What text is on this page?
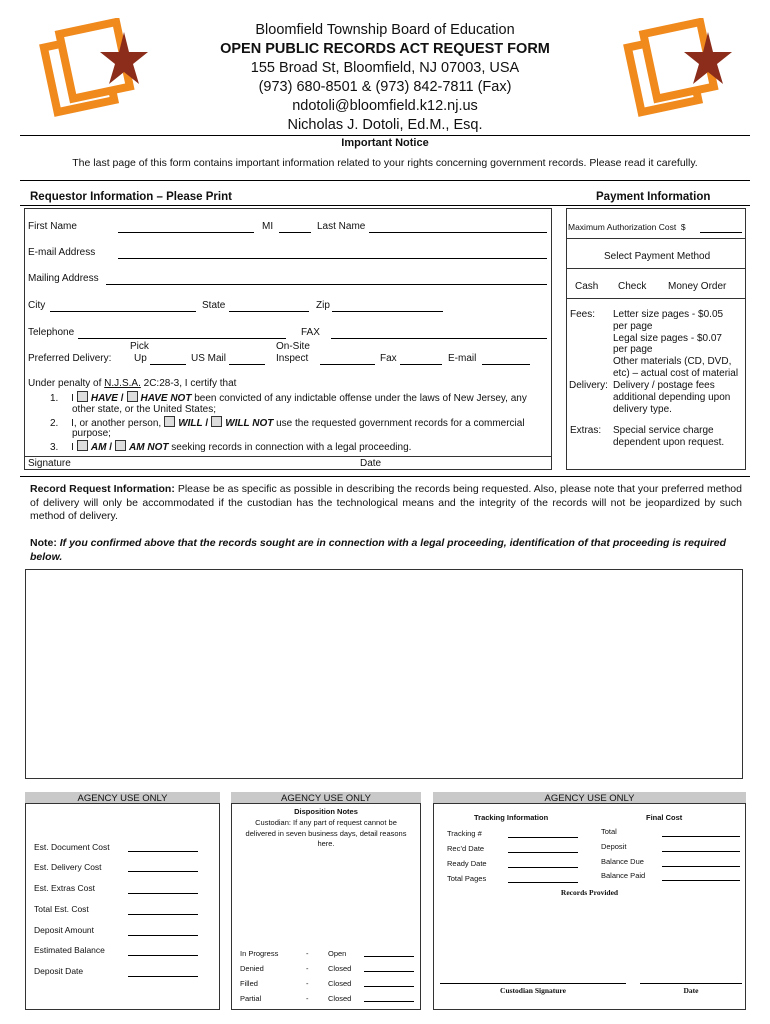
Bloomfield Township Board of Education
OPEN PUBLIC RECORDS ACT REQUEST FORM
155 Broad St, Bloomfield, NJ 07003, USA
(973) 680-8501 & (973) 842-7811 (Fax)
ndotoli@bloomfield.k12.nj.us
Nicholas J. Dotoli, Ed.M., Esq.
Important Notice
The last page of this form contains important information related to your rights concerning government records. Please read it carefully.
Requestor Information – Please Print	Payment Information
First Name	MI	Last Name
E-mail Address
Mailing Address
City	State	Zip
Telephone	FAX
Preferred Delivery:
Pick
Up	US Mail
On-Site
Inspect	Fax	E-mail
Under penalty of N.J.S.A. 2C:28-3, I certify that
1. I HAVE / HAVE NOT been convicted of any indictable offense under the laws of New Jersey, any
other state, or the United States;
2. I, or another person, WILL / WILL NOT use the requested government records for a commercial
purpose;
3. I AM / AM NOT seeking records in connection with a legal proceeding.
Signature	Date
Maximum Authorization Cost $
Select Payment Method
Cash Check Money Order
Fees: Letter size pages - $0.05
per page
Legal size pages - $0.07
per page
Other materials (CD, DVD,
etc) – actual cost of material
Delivery: Delivery / postage fees
additional depending upon
delivery type.
Extras: Special service charge
dependent upon request.
Record Request Information: Please be as specific as possible in describing the records being requested. Also, please note that your preferred method of delivery will only be accommodated if the custodian has the technological means and the integrity of the records will not be jeopardized by such method of delivery.
Note: If you confirmed above that the records sought are in connection with a legal proceeding, identification of that proceeding is required below.
AGENCY USE ONLY
Est. Document Cost
Est. Delivery Cost
Est. Extras Cost
Total Est. Cost
Deposit Amount
Estimated Balance
Deposit Date
AGENCY USE ONLY
Disposition Notes
Custodian: If any part of request cannot be delivered in seven business days, detail reasons here.
In Progress	-	Open
Denied	-	Closed
Filled	-	Closed
Partial	-	Closed
AGENCY USE ONLY
Tracking Information	Final Cost
Tracking #
Rec’d Date
Ready Date
Total Pages
Total
Deposit
Balance Due
Balance Paid
Records Provided
Custodian Signature	Date
